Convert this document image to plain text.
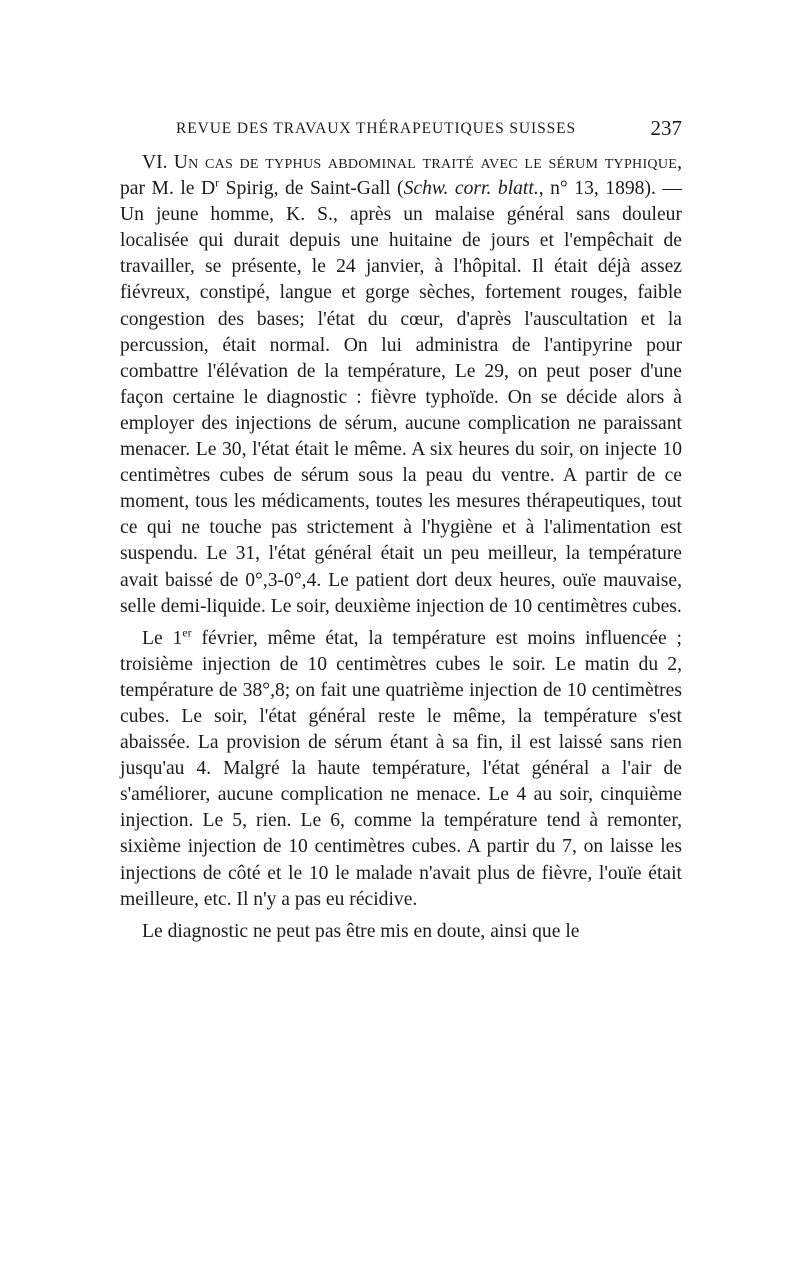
REVUE DES TRAVAUX THÉRAPEUTIQUES SUISSES	237

VI. Un cas de typhus abdominal traité avec le sérum typhique, par M. le $D^r$ Spirig, de Saint-Gall (Schw. corr. blatt., n° 13, 1898). — Un jeune homme, K. S., après un malaise général sans douleur localisée qui durait depuis une huitaine de jours et l'empêchait de travailler, se présente, le 24 janvier, à l'hôpital. Il était déjà assez fiévreux, constipé, langue et gorge sèches, fortement rouges, faible congestion des bases; l'état du cœur, d'après l'auscultation et la percussion, était normal. On lui administra de l'antipyrine pour combattre l'élévation de la température, Le 29, on peut poser d'une façon certaine le diagnostic : fièvre typhoïde. On se décide alors à employer des injections de sérum, aucune complication ne paraissant menacer. Le 30, l'état était le même. A six heures du soir, on injecte 10 centimètres cubes de sérum sous la peau du ventre. A partir de ce moment, tous les médicaments, toutes les mesures thérapeutiques, tout ce qui ne touche pas strictement à l'hygiène et à l'alimentation est suspendu. Le 31, l'état général était un peu meilleur, la température avait baissé de 0°,3-0°,4. Le patient dort deux heures, ouïe mauvaise, selle demi-liquide. Le soir, deuxième injection de 10 centimètres cubes.

Le 1er février, même état, la température est moins influencée ; troisième injection de 10 centimètres cubes le soir. Le matin du 2, température de 38°,8; on fait une quatrième injection de 10 centimètres cubes. Le soir, l'état général reste le même, la température s'est abaissée. La provision de sérum étant à sa fin, il est laissé sans rien jusqu'au 4. Malgré la haute température, l'état général a l'air de s'améliorer, aucune complication ne menace. Le 4 au soir, cinquième injection. Le 5, rien. Le 6, comme la température tend à remonter, sixième injection de 10 centimètres cubes. A partir du 7, on laisse les injections de côté et le 10 le malade n'avait plus de fièvre, l'ouïe était meilleure, etc. Il n'y a pas eu récidive.

Le diagnostic ne peut pas être mis en doute, ainsi que le
